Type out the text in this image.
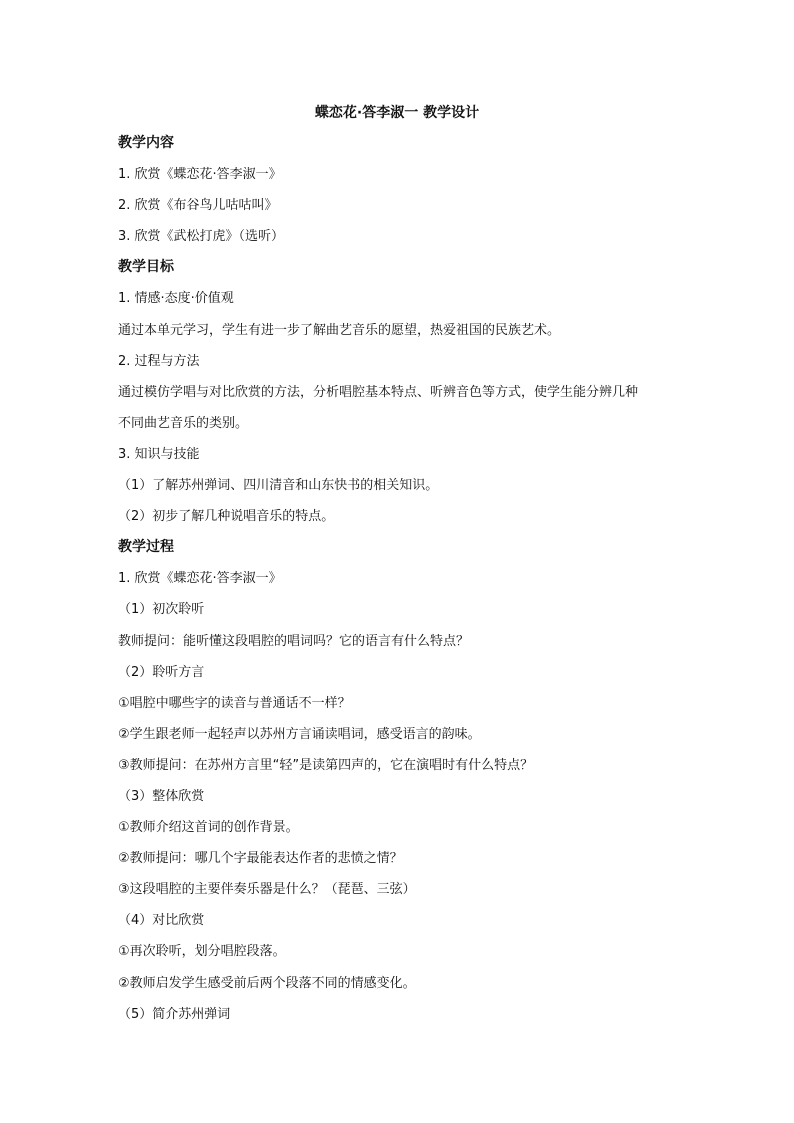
蝶恋花·答李淑一 教学设计
教学内容
1. 欣赏《蝶恋花·答李淑一》
2. 欣赏《布谷鸟儿咕咕叫》
3. 欣赏《武松打虎》（选听）
教学目标
1. 情感·态度·价值观
通过本单元学习，学生有进一步了解曲艺音乐的愿望，热爱祖国的民族艺术。
2. 过程与方法
通过模仿学唱与对比欣赏的方法，分析唱腔基本特点、听辨音色等方式，使学生能分辨几种
不同曲艺音乐的类别。
3. 知识与技能
（1）了解苏州弹词、四川清音和山东快书的相关知识。
（2）初步了解几种说唱音乐的特点。
教学过程
1. 欣赏《蝶恋花·答李淑一》
（1）初次聆听
教师提问：能听懂这段唱腔的唱词吗？它的语言有什么特点？
（2）聆听方言
①唱腔中哪些字的读音与普通话不一样？
②学生跟老师一起轻声以苏州方言诵读唱词，感受语言的韵味。
③教师提问：在苏州方言里“轻”是读第四声的，它在演唱时有什么特点？
（3）整体欣赏
①教师介绍这首词的创作背景。
②教师提问：哪几个字最能表达作者的悲愤之情？
③这段唱腔的主要伴奏乐器是什么？（琵琶、三弦）
（4）对比欣赏
①再次聆听，划分唱腔段落。
②教师启发学生感受前后两个段落不同的情感变化。
（5）简介苏州弹词
